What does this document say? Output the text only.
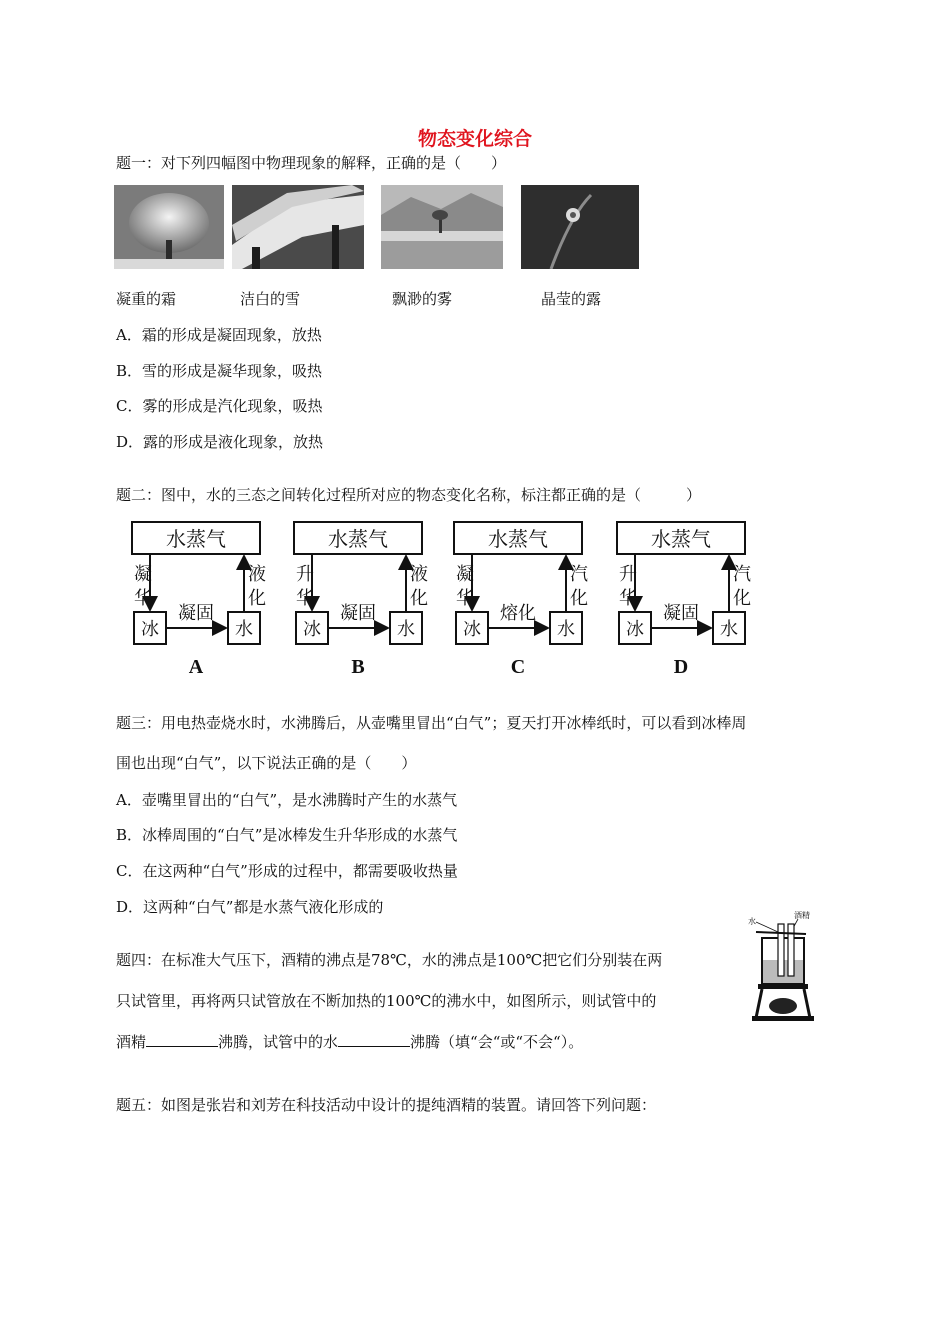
物态变化综合
题一：对下列四幅图中物理现象的解释，正确的是（　　）
凝重的霜	洁白的雪	飘渺的雾	晶莹的露
A．霜的形成是凝固现象，放热
B．雪的形成是凝华现象，吸热
C．雾的形成是汽化现象，吸热
D．露的形成是液化现象，放热
题二：图中，水的三态之间转化过程所对应的物态变化名称，标注都正确的是（　　　）
水蒸气
冰	水
凝
华
液
化
凝固
A
水蒸气
冰	水
升
华
液
化
凝固
B
水蒸气
冰	水
凝
华
汽
化
熔化
C
水蒸气
冰	水
升
华
汽
化
凝固
D
题三：用电热壶烧水时，水沸腾后，从壶嘴里冒出“白气”；夏天打开冰棒纸时，可以看到冰棒周
围也出现“白气”，以下说法正确的是（　　）
A．壶嘴里冒出的“白气”，是水沸腾时产生的水蒸气
B．冰棒周围的“白气”是冰棒发生升华形成的水蒸气
C．在这两种“白气”形成的过程中，都需要吸收热量
D．这两种“白气”都是水蒸气液化形成的
题四：在标准大气压下，酒精的沸点是78℃，水的沸点是100℃把它们分别装在两
只试管里，再将两只试管放在不断加热的100℃的沸水中，如图所示，则试管中的
酒精	沸腾，试管中的水	沸腾（填“会“或“不会“）。
水
酒精
题五：如图是张岩和刘芳在科技活动中设计的提纯酒精的装置。请回答下列问题：
